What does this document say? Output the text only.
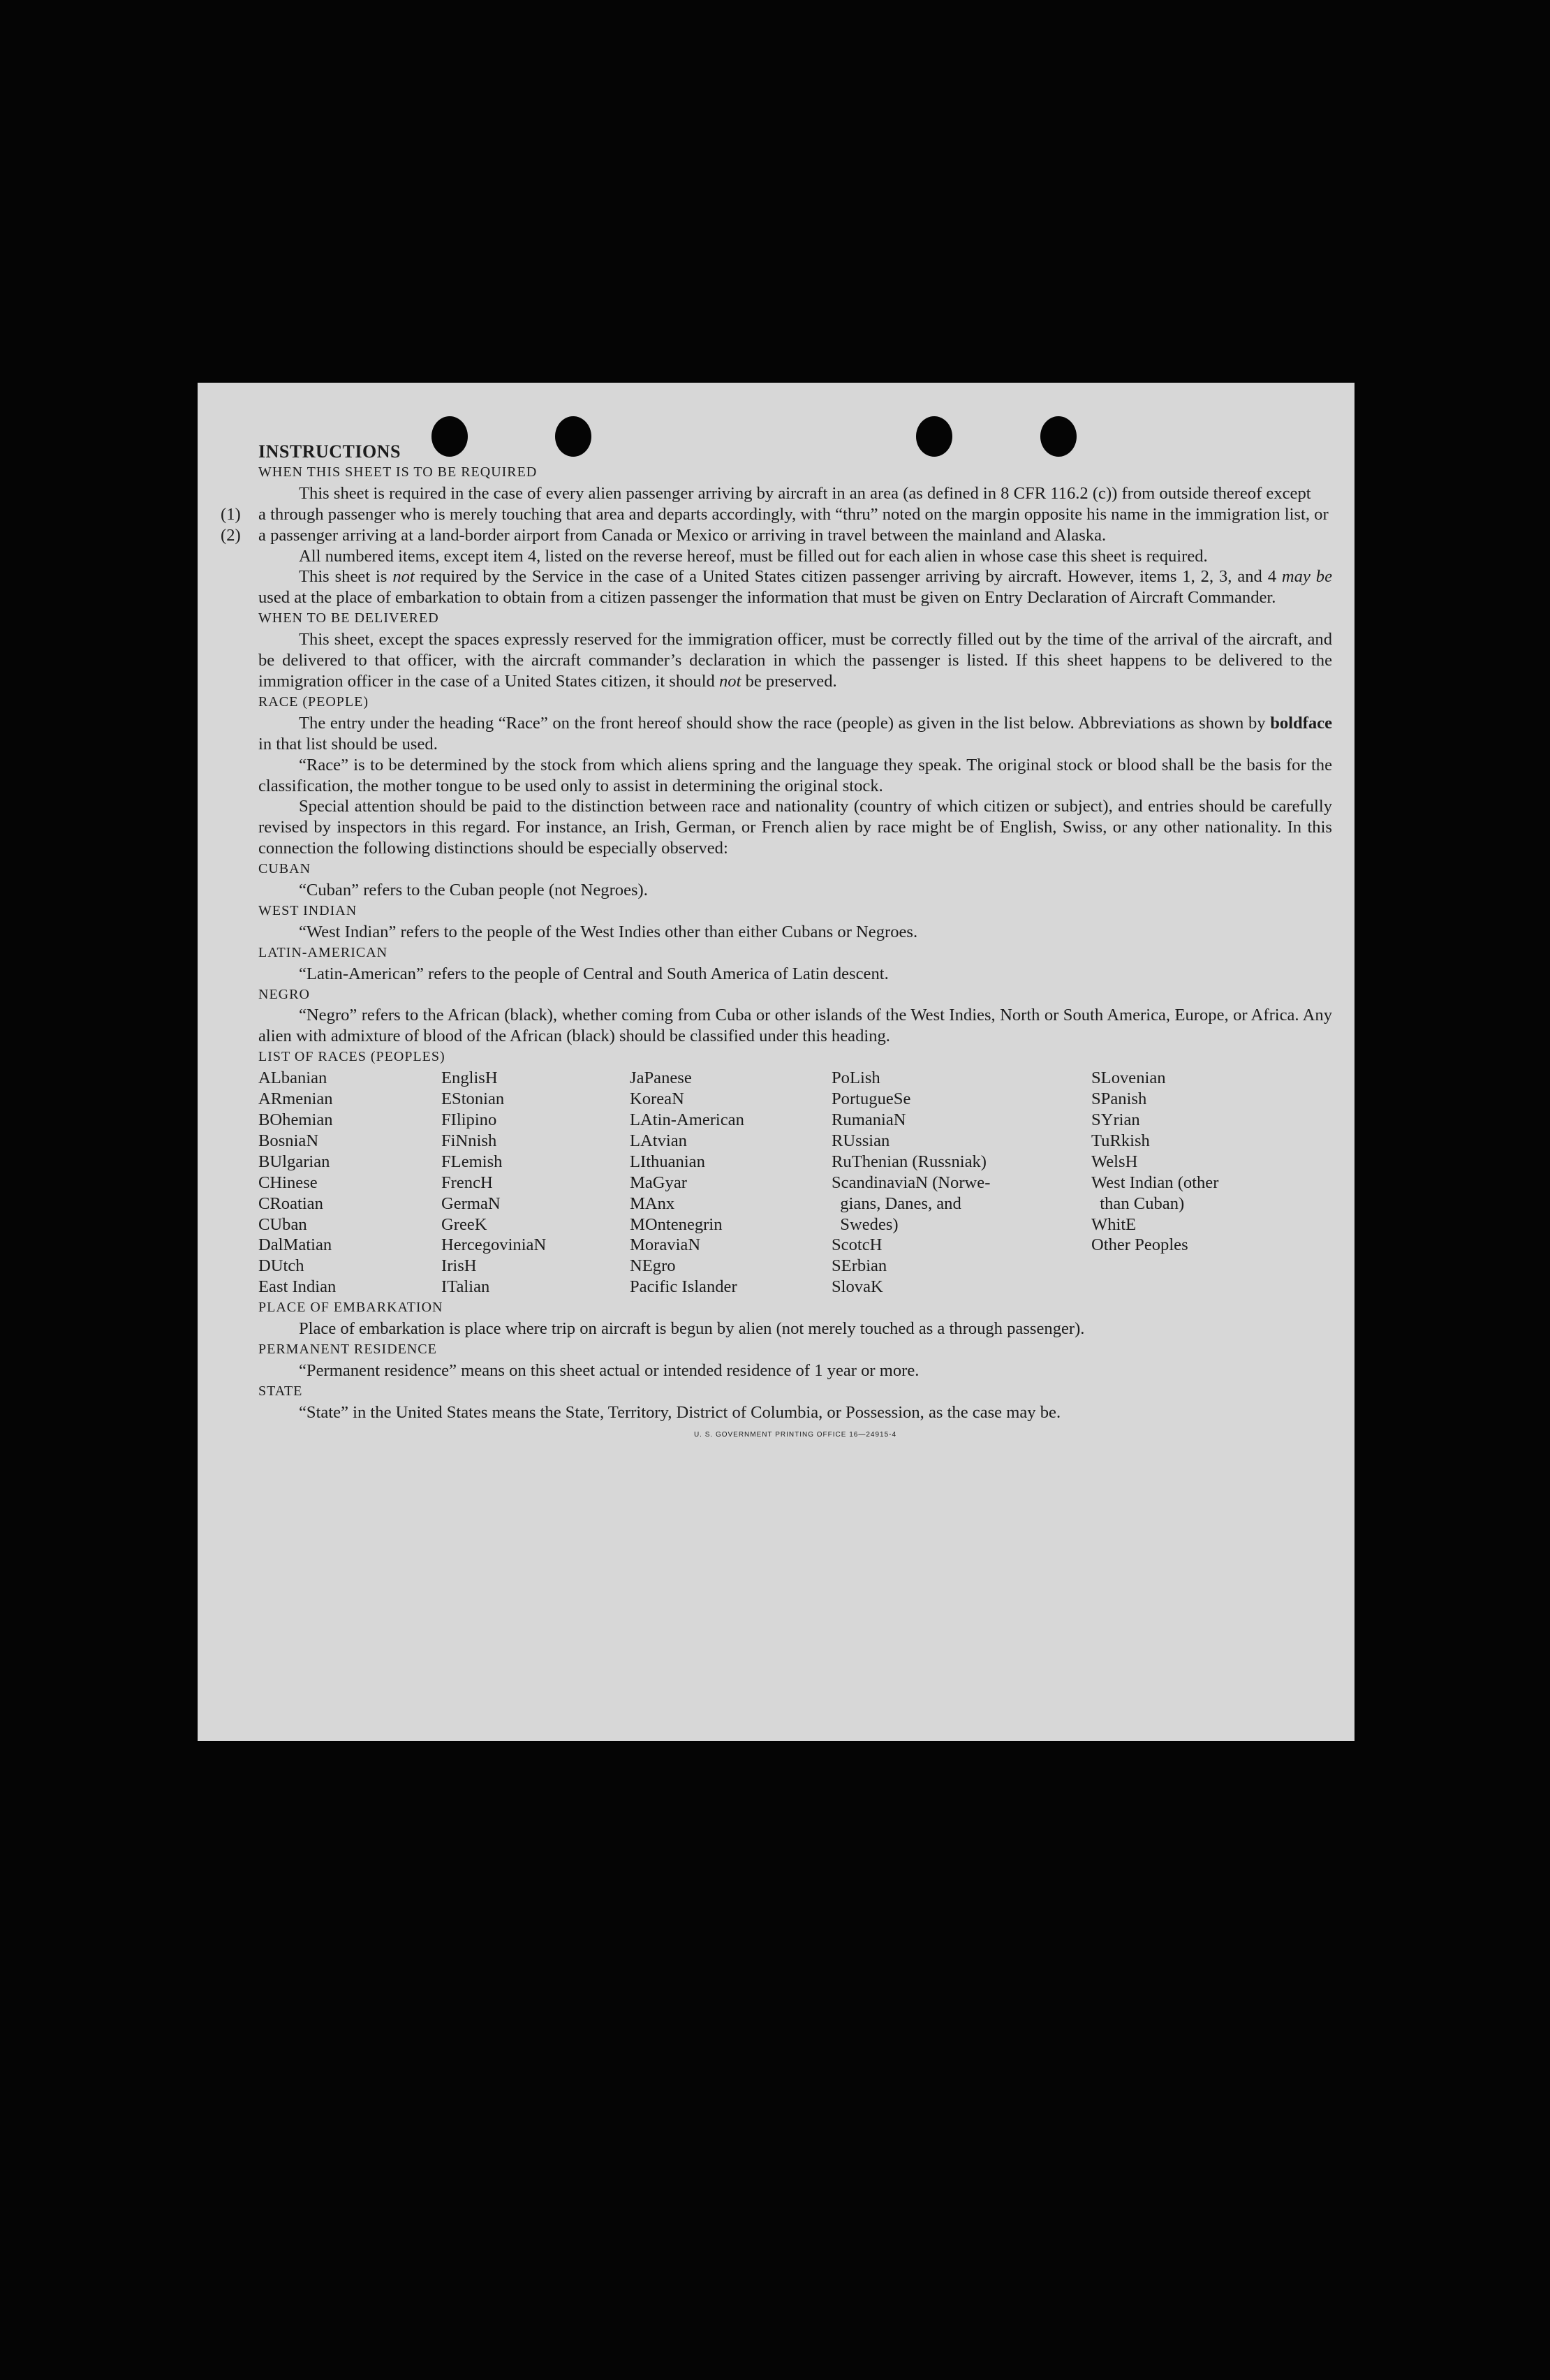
INSTRUCTIONS

WHEN THIS SHEET IS TO BE REQUIRED

This sheet is required in the case of every alien passenger arriving by aircraft in an area (as defined in 8 CFR 116.2 (c)) from outside thereof except

(1) a through passenger who is merely touching that area and departs accordingly, with “thru” noted on the margin opposite his name in the immigration list, or

(2) a passenger arriving at a land-border airport from Canada or Mexico or arriving in travel between the mainland and Alaska.

All numbered items, except item 4, listed on the reverse hereof, must be filled out for each alien in whose case this sheet is required.

This sheet is not required by the Service in the case of a United States citizen passenger arriving by aircraft. However, items 1, 2, 3, and 4 may be used at the place of embarkation to obtain from a citizen passenger the information that must be given on Entry Declaration of Aircraft Commander.

WHEN TO BE DELIVERED

This sheet, except the spaces expressly reserved for the immigration officer, must be correctly filled out by the time of the arrival of the aircraft, and be delivered to that officer, with the aircraft commander’s declaration in which the passenger is listed. If this sheet happens to be delivered to the immigration officer in the case of a United States citizen, it should not be preserved.

RACE (PEOPLE)

The entry under the heading “Race” on the front hereof should show the race (people) as given in the list below. Abbreviations as shown by boldface in that list should be used.

“Race” is to be determined by the stock from which aliens spring and the language they speak. The original stock or blood shall be the basis for the classification, the mother tongue to be used only to assist in determining the original stock.

Special attention should be paid to the distinction between race and nationality (country of which citizen or subject), and entries should be carefully revised by inspectors in this regard. For instance, an Irish, German, or French alien by race might be of English, Swiss, or any other nationality. In this connection the following distinctions should be especially observed:

CUBAN

“Cuban” refers to the Cuban people (not Negroes).

WEST INDIAN

“West Indian” refers to the people of the West Indies other than either Cubans or Negroes.

LATIN-AMERICAN

“Latin-American” refers to the people of Central and South America of Latin descent.

NEGRO

“Negro” refers to the African (black), whether coming from Cuba or other islands of the West Indies, North or South America, Europe, or Africa. Any alien with admixture of blood of the African (black) should be classified under this heading.

LIST OF RACES (PEOPLES)

ALbanian
ARmenian
BOhemian
BosniaN
BUlgarian
CHinese
CRoatian
CUban
DalMatian
DUtch
East Indian
EnglisH
EStonian
FIlipino
FiNnish
FLemish
FrencH
GermaN
GreeK
HercegoviniaN
IrisH
ITalian
JaPanese
KoreaN
LAtin-American
LAtvian
LIthuanian
MaGyar
MAnx
MOntenegrin
MoraviaN
NEgro
Pacific Islander
PoLish
PortugueSe
RumaniaN
RUssian
RuThenian (Russniak)
ScandinaviaN (Norwe-
gians, Danes, and
Swedes)
ScotcH
SErbian
SlovaK
SLovenian
SPanish
SYrian
TuRkish
WelsH
West Indian (other
than Cuban)
WhitE
Other Peoples

PLACE OF EMBARKATION

Place of embarkation is place where trip on aircraft is begun by alien (not merely touched as a through passenger).

PERMANENT RESIDENCE

“Permanent residence” means on this sheet actual or intended residence of 1 year or more.

STATE

“State” in the United States means the State, Territory, District of Columbia, or Possession, as the case may be.

U. S. GOVERNMENT PRINTING OFFICE 16—24915-4
